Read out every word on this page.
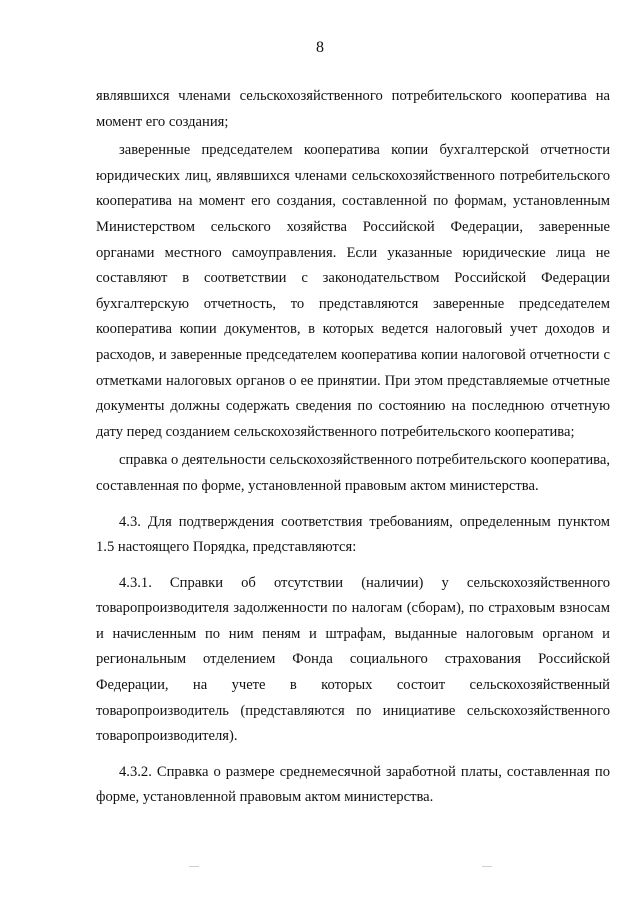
8

являвшихся членами сельскохозяйственного потребительского кооператива на момент его создания;

заверенные председателем кооператива копии бухгалтерской отчетности юридических лиц, являвшихся членами сельскохозяйственного потребительского кооператива на момент его создания, составленной по формам, установленным Министерством сельского хозяйства Российской Федерации, заверенные органами местного самоуправления. Если указанные юридические лица не составляют в соответствии с законодательством Российской Федерации бухгалтерскую отчетность, то представляются заверенные председателем кооператива копии документов, в которых ведется налоговый учет доходов и расходов, и заверенные председателем кооператива копии налоговой отчетности с отметками налоговых органов о ее принятии. При этом представляемые отчетные документы должны содержать сведения по состоянию на последнюю отчетную дату перед созданием сельскохозяйственного потребительского кооператива;

справка о деятельности сельскохозяйственного потребительского кооператива, составленная по форме, установленной правовым актом министерства.

4.3. Для подтверждения соответствия требованиям, определенным пунктом 1.5 настоящего Порядка, представляются:

4.3.1. Справки об отсутствии (наличии) у сельскохозяйственного товаропроизводителя задолженности по налогам (сборам), по страховым взносам и начисленным по ним пеням и штрафам, выданные налоговым органом и региональным отделением Фонда социального страхования Российской Федерации, на учете в которых состоит сельскохозяйственный товаропроизводитель (представляются по инициативе сельскохозяйственного товаропроизводителя).

4.3.2. Справка о размере среднемесячной заработной платы, составленная по форме, установленной правовым актом министерства.
